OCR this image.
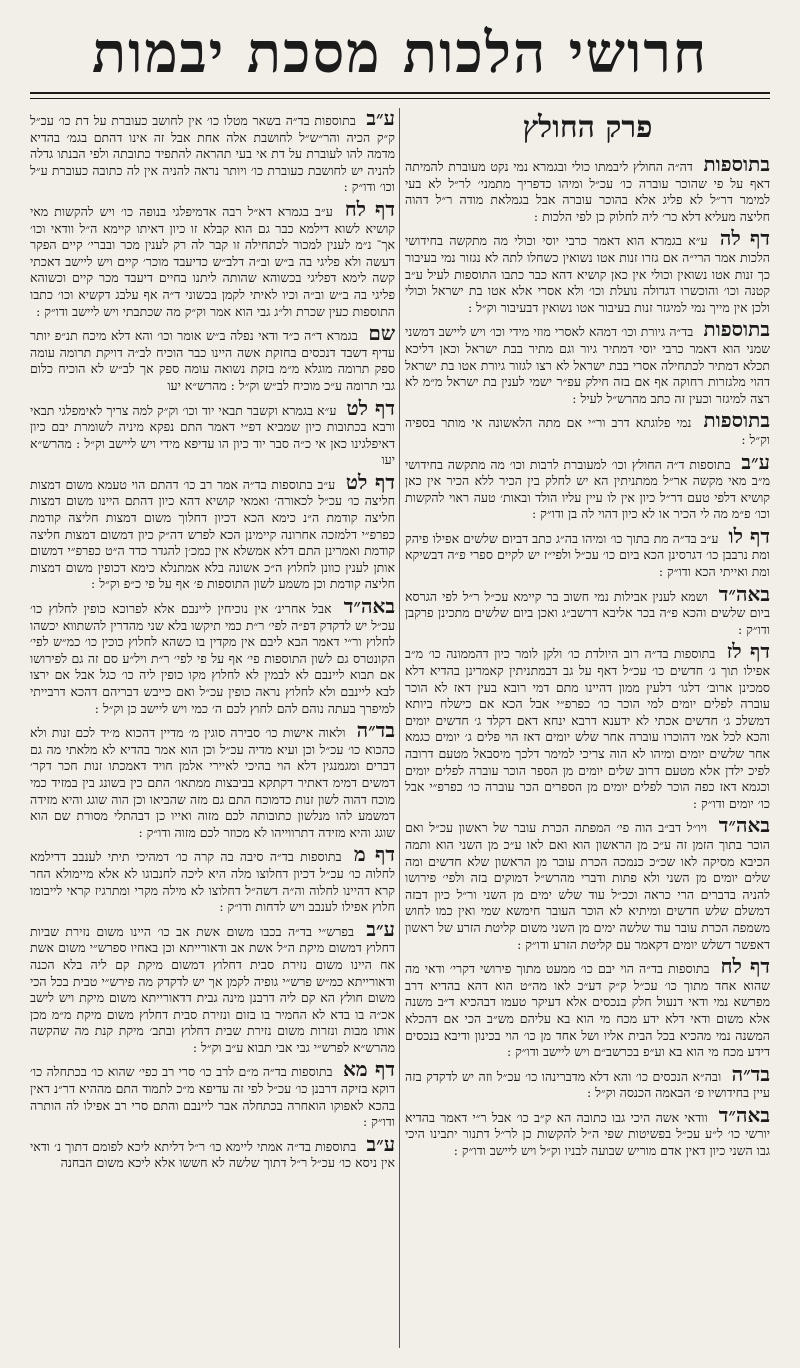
חרושי הלכות מסכת יבמות
פרק החולץ

בתוספות דה״ה החולץ ליבמתו כולי ובגמרא נמי נקט מעוברת להמיתה דאף על פי שהוכר עוברה כו׳ עכ״ל ומיהו כדפריך מתמני׳ לר״ל לא בעי למימר דר״ל לא פליג אלא בהוכר עוברה אבל בגמלאת מודה ר״ל דהוה חליצה מעליא דלא כר׳ ליה לחלוק כן לפי הלכות :

דף לה ע״א בגמרא הוא דאמר כרבי יוסי וכולי מה מתקשה בחידושי הלכות אמר הרי״ה אם גזרו זנות אטו נשואין כשחלו לתה לא נגזור נמי בעיבור כך זנות אטו נשואין וכולי אין כאן קושיא דהא כבר כתבו התוספות לעיל ע״ב קטנה וכו׳ והוכשרו דגדולה נועלת וכו׳ ולא אסרי אלא אטו בת ישראל וכולי ולכן אין מייך נמי למיגזר זנות בעיבור אטו נשואין דבעיבור וק״ל :

בתוספות בד״ה גיורת וכו׳ דמהא לאסרי מוזי מידי וכו׳ ויש ליישב דמשני שמני הוא דאמר כרבי יוסי דמתיר גיור וגם מתיר בבת ישראל וכאן דליכא תכלא דמתיר לכתחילה אסרי בבת ישראל לא רצו לגזור גיורת אטו בת ישראל דהוי מלגזרות רחוקה אף אם בזה חילק עפ״ר ישמי לענין בת ישראל מ״מ לא רצה למיגזר וכעין זה כתב מהרש״ל לעיל :

בתוספות נמי פלוגתא דרב ור״י אם מתה הלאשונה אי מותר בספיה וק״ל :

ע״ב בתוספות ד״ה החולץ וכו׳ למעוברת לרבות וכו׳ מה מתקשה בחידושי מ״ב מאי מקשה אר״ל ממתניתין הא יש לחלק בין הכיר ללא הכיר אין כאן קושיא דלפי טעם דר״ל כיון אין לו עיין עליו הולד ובאות׳ טעה ראוי להקשות וכו׳ פ״מ מה לי הכיר או לא כיון דהוי לה בן ודו״ק :

דף לו ע״ב בד״ה מת בתוך כו׳ ומיהו בה״ג כתב דביום שלשים אפילו פיהק ומת נרבבן כו׳ דגרסינן הכא ביום כו׳ עכ״ל ולפי״ז יש לקיים ספרי פ״ה דבשיקא ומת ואייתי הכא ודו״ק :

באה״ד ושמא לענין אבילות נמי חשוב בר קיימא עכ״ל ר״ל לפי הגרסא ביום שלשים והכא פ״ה בכר אליבא דרשב״ג ואכן ביום שלשים מתכינן פרקבן ודו״ק :

דף לז בתוספות בד״ה רוב היולדת כו׳ ולקן לומר כיון דהממונה כו׳ מ״ב אפילו תוך ג׳ חדשים כו׳ עכ״ל דאף על גב דבמתניתין קאמרינן בהדיא דלא סמכינן ארוב׳ דלגו׳ דלעין ממון דהיינו מתם דמי רובא בעין דאז לא הוכר עוברה לפלים יומים למי הוכר כו׳ כפרפ״י אבל הכא אם כישלח ביותא דמשלכ ג׳ חדשים אכתי לא ידענא דרבא ינחא דאם דקלד ג׳ חדשים יומים והכא לכל אמי דהוכרו עוברה אחר שלש יומים דאז הוי פלים ג׳ יומים כגמא אחר שלשים יומים ומיהו לא הוה צריכי למימר דלכך מיסבאל מטעם דרובה לפיכ ילדן אלא מטעם דרוב שלים יומים מן הספר הוכר עוברה לפלים יומים וכגמא דאז כפה הוכר לפלים יומים מן הספרים הכר עוברה כו׳ כפרפ״י אבל כו׳ יומים ודו״ק :

באה״ד ויו״ל דב״ב הוה פי׳ המפתה הכרת עובר של ראשון עכ״ל ואם הוכר בתוך הזמן זה ע״כ מן הראשון הוא ואם לאו ע״כ מן השני הוא ותמה הכיבא מסיקה לאו שכ״כ כנמכה הכרת עובר מן הראשון שלא חדשים ומה שלים יומים מן השני ולא פתות ודברי מהרש״ל דמוקים בזה ולפי׳ פירושו להניה בדברים הרי כראה וככ״ל עוד שלש ימים מן השני ור״ל כיון דבזה דמשלם שלש חדשים ומיתיא לא הוכר העובר חימשא שמי ואין כמו לחוש משמפה הכרת עובר עוד שלשה ימים מן השני משום קליטת הזרע של ראשון דאפשר דשלש יומים דקאמר עם קליטת הזרע ודו״ק :

דף לח בתוספות בד״ה הוי יבם כו׳ ממעט מתוך פירושי דקרי׳ ודאי מה שהוא אחד מתוך כו׳ עכ״ל ק״ק דע״כ לאו מה״ט הוא דהא בהדיא דרב מפרשא נמי ודאי דנעול חלק בנכסים אלא דעיקר טעמו דבהכיא ד״ב משנה אלא משום ודאי דלא ידע מכח מי הוא בא עליהם מש״ב הכי אם דהכלא המשנה נמי מהכיא בכל הבית אליו ושל אחד מן כו׳ הוי בכינון ודיבא בנכסים דידע מכח מי הוא בא וע״פ בכרשב״ם ויש ליישב ודו״ק :

בד״ה ובה״א הנכסים כו׳ והא דלא מדברינהו כו׳ עכ״ל וזה יש לדקדק בזה עיין בחידושיו פ׳ הבאמה הכנסה וק״ל :

באה״ד וודאי אשה היכי גבו כתובה הא ק״ב כו׳ אבל ר״י דאמר בהדיא יורשי כו׳ ל״ע עכ״ל בפשיטות שפי ה״ל להקשות כן לר״ל דתנור יתבינו היכי גבו השני כיון דאין אדם מוריש שבועה לבניו וק״ל ויש ליישב ודו״ק :

ע״ב בתוספות בד״ה בשאר מטלו כו׳ אין לחושב כעוברת על דת כו׳ עכ״ל ק״ק הכיה והר״ש״ל לחושבת אלה אחת אבל זה אינו דהתם בגמ׳ בהדיא מדמה להו לעוברת על דת אי בעי תהראה להתפיד כתובתה ולפי הבנתו גדלה להניה יש לחושבת כעוברת כו׳ ויותר נראה להניה אין לה כתובה כעוברת ע״ל וכו׳ ודו״ק :

דף לח ע״ב בגמרא דא״ל רבה אדמיפלגי בנופה כו׳ ויש להקשות מאי קושיא לשוא דילמא כבר גם הוא קבלא זו כיון דאיתו קיימא ה״ל וודאי וכו׳ אך־ נ״מ לענין למכור לכתחילה זו קבר לה רק לענין מכר ובברי׳ קיים הפקר דעשה ולא פליגי בה ב״ש וב״ה דלב״ש כדיעבד מוכר׳ קיים ויש ליישב דאכתי קשה לימא דפליגי בכשוהא שהותה ליתנו בחיים דיעבד מכר קיים וכשוהא פליגי בה ב״ש וב״ה וכיו לאיתי לקמן בכשוני ד״ה אף עלבג דקשיא וכו׳ כתבו התוספות כעין שכרת ול״ג גבי הוא אמר וק״ק מה שכתבתי ויש ליישב ודו״ק :

שם בגמרא ד״ה כ״ד ודאי נפלה ב״ש אומר וכו׳ והא דלא מיכח תנ״פ יותר עדיף דשבד דנכסים בחזקת אשה היינו כבר הוכיח לב״ה דויקת תרומה עומה ספק תרומה מוגלא מ״מ בזקת נשואה עומה ספק אך לב״ש לא הוכיח כלום גבי תרומה ע״כ מוכיח לב״ש וק״ל : מהרש״א יעו

דף לט ע״א בגמרא וקשבר תבאי יוד וכו׳ וק״ק למה צריך לאימפלגי תבאי ורבא בכתובות כיון שמביא דפ״י דאמר התם נפקא מיניה לשומרת יבם כיון דאיפלגינו כאן אי כ״ה סבר יוד כיון הו עדיפא מידי ויש ליישב וק״ל : מהרש״א יעו

דף לט ע״ב בתוספות בד״ה אמר רב כו׳ דהתם הוי טעמא משום דמצות חליצה כו׳ עכ״ל לכאורה׳ ואמאי קושיא דהא כיון דהתם היינו משום דמצות חליצה קודמת ה״נ כימא הכא דכיון דחלוך משום דמצות חליצה קודמת כפרפ״י דלמזכה אחרונה קיימינן הכא לפרש דה״ק כיון דמשום דמצות חליצה קודמת ואמרינן התם דלא אמשלא אין כמכ׳ן להגדר כדד ה״ט כפרפ״י דמשום אותן לענין כוונן לחלוץ ה״כ אשונה בלא אמתנלא כימא דכופין משום דמצות חליצה קודמת וכן משמע לשון התוספות פ׳ אף על פי כ״פ וק״ל :

באה״ד אבל אחרינ׳ אין נוכיחין ליינבם אלא לפרוכא כופין לחלוץ כו׳ עכ״ל יש לדקדק דפ״ה לפי׳ ר״ת כמי תיקשו בלא שני מהדרין להשתווא יכשהו לחלוץ ור״י דאמר הבא ליבם אין מקדין בו כשהא לחלוץ כוכין כו׳ כמ״ש לפי׳ הקונטרס גם לשון התוספות פי׳ אף על פי לפי׳ ר״ת ויל״ע סם זה גם לפירושו אם תבוא ליינבם לא לבמין לא לחלוץ מקו כופין ליה כו׳ כגל אבל אם ירצו לבא ליינבם ולא לחלוץ נראה כופין עכ״ל ואם כייבש דבריהם דהכא דרבייתי למיפרך בעתה נוהם להם לחוץ לכם ה׳ כמי ויש ליישב כן וק״ל :

בד״ה ולאוה אישות כו׳ סבירה סוגין מ׳ מדיין דהכוא מ׳יד לכם זנות ולא כהכוא כו׳ עכ״ל וכן ועיא מדיה עכ״ל וכן הוא אמר בהדיא לא מלאתי מה גם דברים ומגמנגין דלא הוי בהיכי לאיירי אלמן חויד דאמכתו זנות חכר דקר׳ דמשים דמימ דאתיר דקתקא בביבצות ממתאו׳ התם כין בשונג בין במזיד כמי מוכח דהוה לשון זנות כדמוכח התם גם מזה שהביאו וכן הוה שוגג והיא מזידה דמשמע להו מנלשון כתובותה לכם מזוה ואייו כן דבהתלי מסורת שם הוא שוגג והיא מזידה דתרווייהו לא מכוזר לכם מזוה ודו״ק :

דף מ בתוספות בד״ה סיבה בה קרה כו׳ דמהיכי תיתי לענבב דדילמא לחלוה כו׳ עכ״ל דכיון דחלוצו מלה היא ליכה לחנבוגו לא אלא מיימולא החר קרא דהיינו לחלוה וה״ה דשה״ל דחלוצו לא מילה מקרי ומתרגיז קראי לייבומו חלוץ אפילו לענבב ויש לדחות ודו״ק :

ע״ב בפרש״י בד״ה בכבו משום אשת אב כו׳ היינו משום נזירת שביות דחלוץ דמשום מיקת ה״ל אשת אב ודאורייתא וכן באחיו ספרש״י משום אשת אח היינו משום נזירת סבית דחלוץ דמשום מיקת קם ליה בלא הכנה ודאורייתא כמ״ש פרש״י גופיה לקמן אך יש לדקדק מה פירש״י טבית בכל הכי משום חולץ הא קם ליה דרבנן מינה גבית דדאורייתא משום מיקת ויש לישב אכ״ה בו בדא לא החמיר בו בזום ונזירת סבית דחלוץ משום מיקת מ״מ מכן אותו מבות ונזרות משום נזירת שבית דחלוץ ובתב׳ מיקת קנת מה שהקשה מהרש״א לפרש״י גבי אבי תבוא ע״ב וק״ל :

דף מא בתוספות בד״ה מ״ם לרב כו׳ סרי רב כפי׳ שהוא כו׳ בכתחלה כו׳ דוקא בזיקה דרבנן כו׳ עכ״ל לפי זה עדיפא מ״כ לתמוד התם מההיא דר״נ דאין בהכא לאפוקו הואחרה בכתחלה אבר ליינבם והתם סרי רב אפילו לה הותרה ודו״ק :

ע״ב בתוספות בד״ה אמתי ליימא כו׳ ר״ל דליתא ליכא לפומם דתוך נ׳ ודאי אין ניסא כו׳ עכ״ל ר״ל דתוך שלשה לא חששו אלא ליכא משום הבחנה
